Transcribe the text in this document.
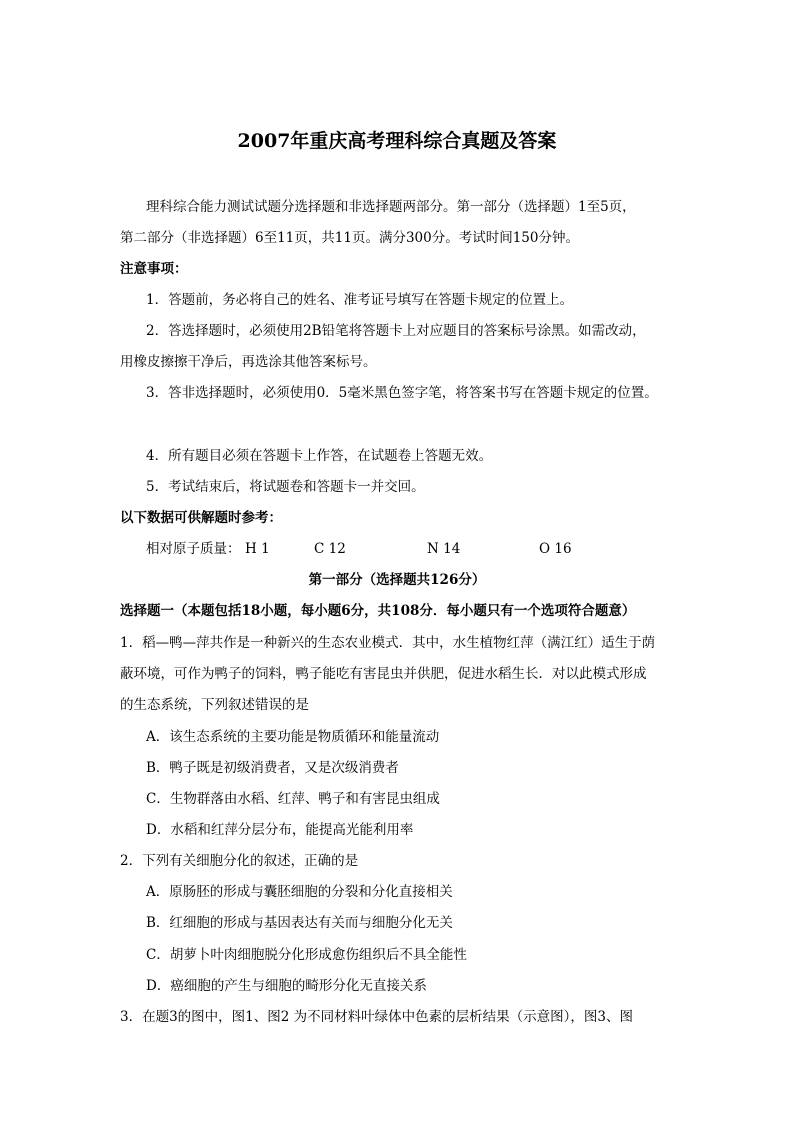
2007年重庆高考理科综合真题及答案
理科综合能力测试试题分选择题和非选择题两部分。第一部分（选择题）1至5页，
第二部分（非选择题）6至11页，共11页。满分300分。考试时间150分钟。
注意事项：
1．答题前，务必将自己的姓名、准考证号填写在答题卡规定的位置上。
2．答选择题时，必须使用2B铅笔将答题卡上对应题目的答案标号涂黑。如需改动，
用橡皮擦擦干净后，再选涂其他答案标号。
3．答非选择题时，必须使用0．5毫米黑色签字笔，将答案书写在答题卡规定的位置。
4．所有题目必须在答题卡上作答，在试题卷上答题无效。
5．考试结束后，将试题卷和答题卡一并交回。
以下数据可供解题时参考：
相对原子质量： H 1	C 12	N 14	O 16
第一部分（选择题共126分）
选择题一（本题包括18小题，每小题6分，共108分．每小题只有一个选项符合题意）
1．稻—鸭—萍共作是一种新兴的生态农业模式．其中，水生植物红萍（满江红）适生于荫
蔽环境，可作为鸭子的饲料，鸭子能吃有害昆虫并供肥，促进水稻生长．对以此模式形成
的生态系统，下列叙述错误的是
A．该生态系统的主要功能是物质循环和能量流动
B．鸭子既是初级消费者，又是次级消费者
C．生物群落由水稻、红萍、鸭子和有害昆虫组成
D．水稻和红萍分层分布，能提高光能利用率
2．下列有关细胞分化的叙述，正确的是
A．原肠胚的形成与囊胚细胞的分裂和分化直接相关
B．红细胞的形成与基因表达有关而与细胞分化无关
C．胡萝卜叶肉细胞脱分化形成愈伤组织后不具全能性
D．癌细胞的产生与细胞的畸形分化无直接关系
3．在题3的图中，图1、图2 为不同材料叶绿体中色素的层析结果（示意图），图3、图
